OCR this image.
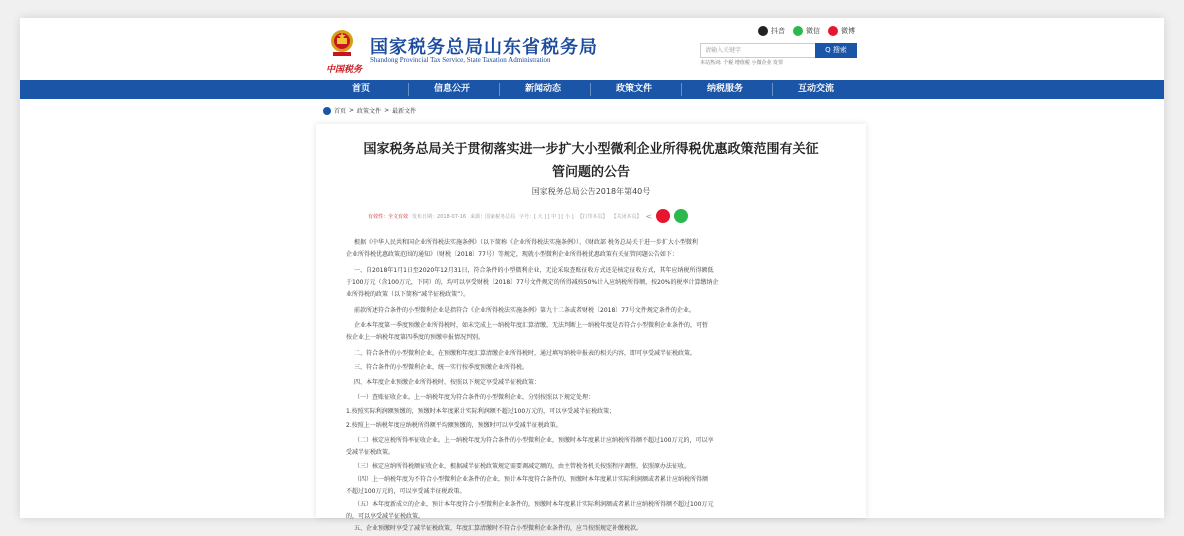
中国税务
国家税务总局山东省税务局
Shandong Provincial Tax Service, State Taxation Administration
抖音	微信	微博
请输入关键字	Q 搜索
本站热词: 个税 增值税 小微企业 发票
首页	信息公开	新闻动态	政策文件	纳税服务	互动交流
首页 > 政策文件 > 最新文件
国家税务总局关于贯彻落实进一步扩大小型微利企业所得税优惠政策范围有关征
管问题的公告
国家税务总局公告2018年第40号
有效性：全文有效 发布日期：2018-07-16 来源：国家税务总局 字号：[ 大 ] [ 中 ] [ 小 ] 【打印本页】 【关闭本页】 <
根据《中华人民共和国企业所得税法实施条例》（以下简称《企业所得税法实施条例》）、《财政部 税务总局关于进一步扩大小型微利
企业所得税优惠政策范围的通知》（财税〔2018〕77号）等规定，现就小型微利企业所得税优惠政策有关征管问题公告如下：
一、自2018年1月1日至2020年12月31日，符合条件的小型微利企业，无论采取查账征收方式还是核定征收方式，其年应纳税所得额低
于100万元（含100万元，下同）的，均可以享受财税〔2018〕77号文件规定的所得减按50%计入应纳税所得额，按20%的税率计算缴纳企
业所得税的政策（以下简称“减半征税政策”）。
前款所述符合条件的小型微利企业是指符合《企业所得税法实施条例》第九十二条或者财税〔2018〕77号文件规定条件的企业。
企业本年度第一季度预缴企业所得税时，如未完成上一纳税年度汇算清缴，无法判断上一纳税年度是否符合小型微利企业条件的，可暂
按企业上一纳税年度第四季度的预缴申报情况判别。
二、符合条件的小型微利企业，在预缴和年度汇算清缴企业所得税时，通过填写纳税申报表的相关内容，即可享受减半征税政策。
三、符合条件的小型微利企业，统一实行按季度预缴企业所得税。
四、本年度企业预缴企业所得税时，按照以下规定享受减半征税政策：
（一）查账征收企业。上一纳税年度为符合条件的小型微利企业，分别按照以下规定处理：
1.按照实际利润额预缴的，预缴时本年度累计实际利润额不超过100万元的，可以享受减半征税政策；
2.按照上一纳税年度应纳税所得额平均额预缴的，预缴时可以享受减半征税政策。
（二）核定应税所得率征收企业。上一纳税年度为符合条件的小型微利企业，预缴时本年度累计应纳税所得额不超过100万元的，可以享
受减半征税政策。
（三）核定应纳所得税额征收企业，根据减半征税政策规定需要调减定额的，由主管税务机关按照程序调整，依照原办法征收。
（四）上一纳税年度为不符合小型微利企业条件的企业，预计本年度符合条件的，预缴时本年度累计实际利润额或者累计应纳税所得额
不超过100万元的，可以享受减半征税政策。
（五）本年度新成立的企业，预计本年度符合小型微利企业条件的，预缴时本年度累计实际利润额或者累计应纳税所得额不超过100万元
的，可以享受减半征税政策。
五、企业预缴时享受了减半征税政策，年度汇算清缴时不符合小型微利企业条件的，应当按照规定补缴税款。
